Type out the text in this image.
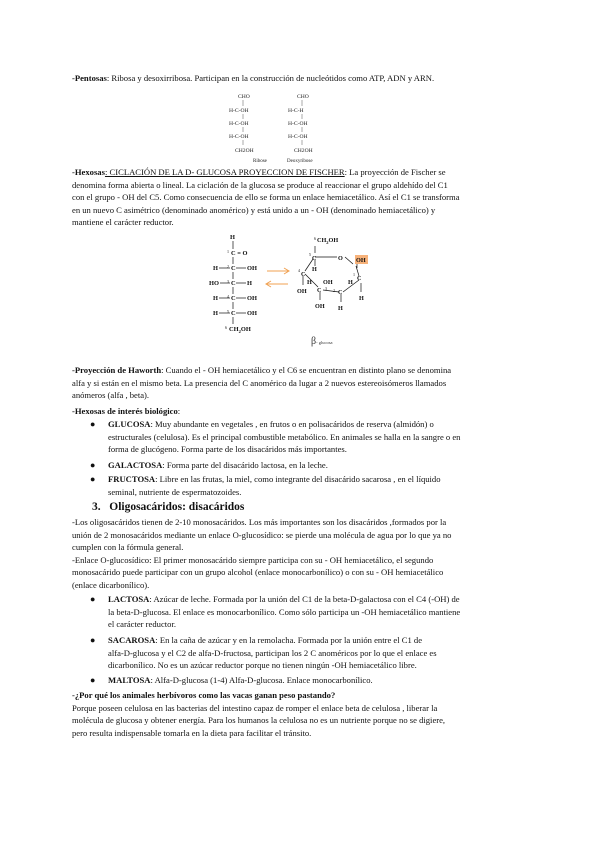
-Pentosas: Ribosa y desoxirribosa. Participan en la construcción de nucleótidos como ATP, ADN y ARN.

CHO
H-C-OH
H-C-OH
H-C-OH
CH2OH
CHO
H-C-H
H-C-OH
H-C-OH
CH2OH
Ribose	Deoxyribose

-Hexosas: CICLACIÓN DE LA D- GLUCOSA PROYECCION DE FISCHER: La proyección de Fischer se
denomina forma abierta o lineal. La ciclación de la glucosa se produce al reaccionar el grupo aldehído del C1
con el grupo - OH del C5. Como consecuencia de ello se forma un enlace hemiacetálico. Así el C1 se transforma
en un nuevo C asimétrico (denominado anomérico) y está unido a un - OH (denominado hemiacetálico) y
mantiene el carácter reductor.

H
C = O
H C OH
HO C H
H C OH
H C OH
$CH_2OH$
1
2
3
4
5
6
$CH_2OH$
C	O OH
C
C
C	C
H
H	H
H
H
OH
OH
OH
6
5
4
3 2
1
β- glucosa

-Proyección de Haworth: Cuando el - OH hemiacetálico y el C6 se encuentran en distinto plano se denomina
alfa y si están en el mismo beta. La presencia del C anomérico da lugar a 2 nuevos estereoisómeros llamados
anómeros (alfa , beta).

-Hexosas de interés biológico:

● GLUCOSA: Muy abundante en vegetales , en frutos o en polisacáridos de reserva (almidón) o
estructurales (celulosa). Es el principal combustible metabólico. En animales se halla en la sangre o en
forma de glucógeno. Forma parte de los disacáridos más importantes.

● GALACTOSA: Forma parte del disacárido lactosa, en la leche.

● FRUCTOSA: Libre en las frutas, la miel, como integrante del disacárido sacarosa , en el líquido
seminal, nutriente de espermatozoides.

3. Oligosacáridos: disacáridos

-Los oligosacáridos tienen de 2-10 monosacáridos. Los más importantes son los disacáridos ,formados por la
unión de 2 monosacáridos mediante un enlace O-glucosídico: se pierde una molécula de agua por lo que ya no
cumplen con la fórmula general.
-Enlace O-glucosídico: El primer monosacárido siempre participa con su - OH hemiacetálico, el segundo
monosacárido puede participar con un grupo alcohol (enlace monocarbonílico) o con su - OH hemiacetálico
(enlace dicarbonílico).

● LACTOSA: Azúcar de leche. Formada por la unión del C1 de la beta-D-galactosa con el C4 (-OH) de
la beta-D-glucosa. El enlace es monocarbonílico. Como sólo participa un -OH hemiacetálico mantiene
el carácter reductor.

● SACAROSA: En la caña de azúcar y en la remolacha. Formada por la unión entre el C1 de
alfa-D-glucosa y el C2 de alfa-D-fructosa, participan los 2 C anoméricos por lo que el enlace es
dicarbonílico. No es un azúcar reductor porque no tienen ningún -OH hemiacetálico libre.

● MALTOSA: Alfa-D-glucosa (1-4) Alfa-D-glucosa. Enlace monocarbonílico.

-¿Por qué los animales herbívoros como las vacas ganan peso pastando?
Porque poseen celulosa en las bacterias del intestino capaz de romper el enlace beta de celulosa , liberar la
molécula de glucosa y obtener energía. Para los humanos la celulosa no es un nutriente porque no se digiere,
pero resulta indispensable tomarla en la dieta para facilitar el tránsito.
